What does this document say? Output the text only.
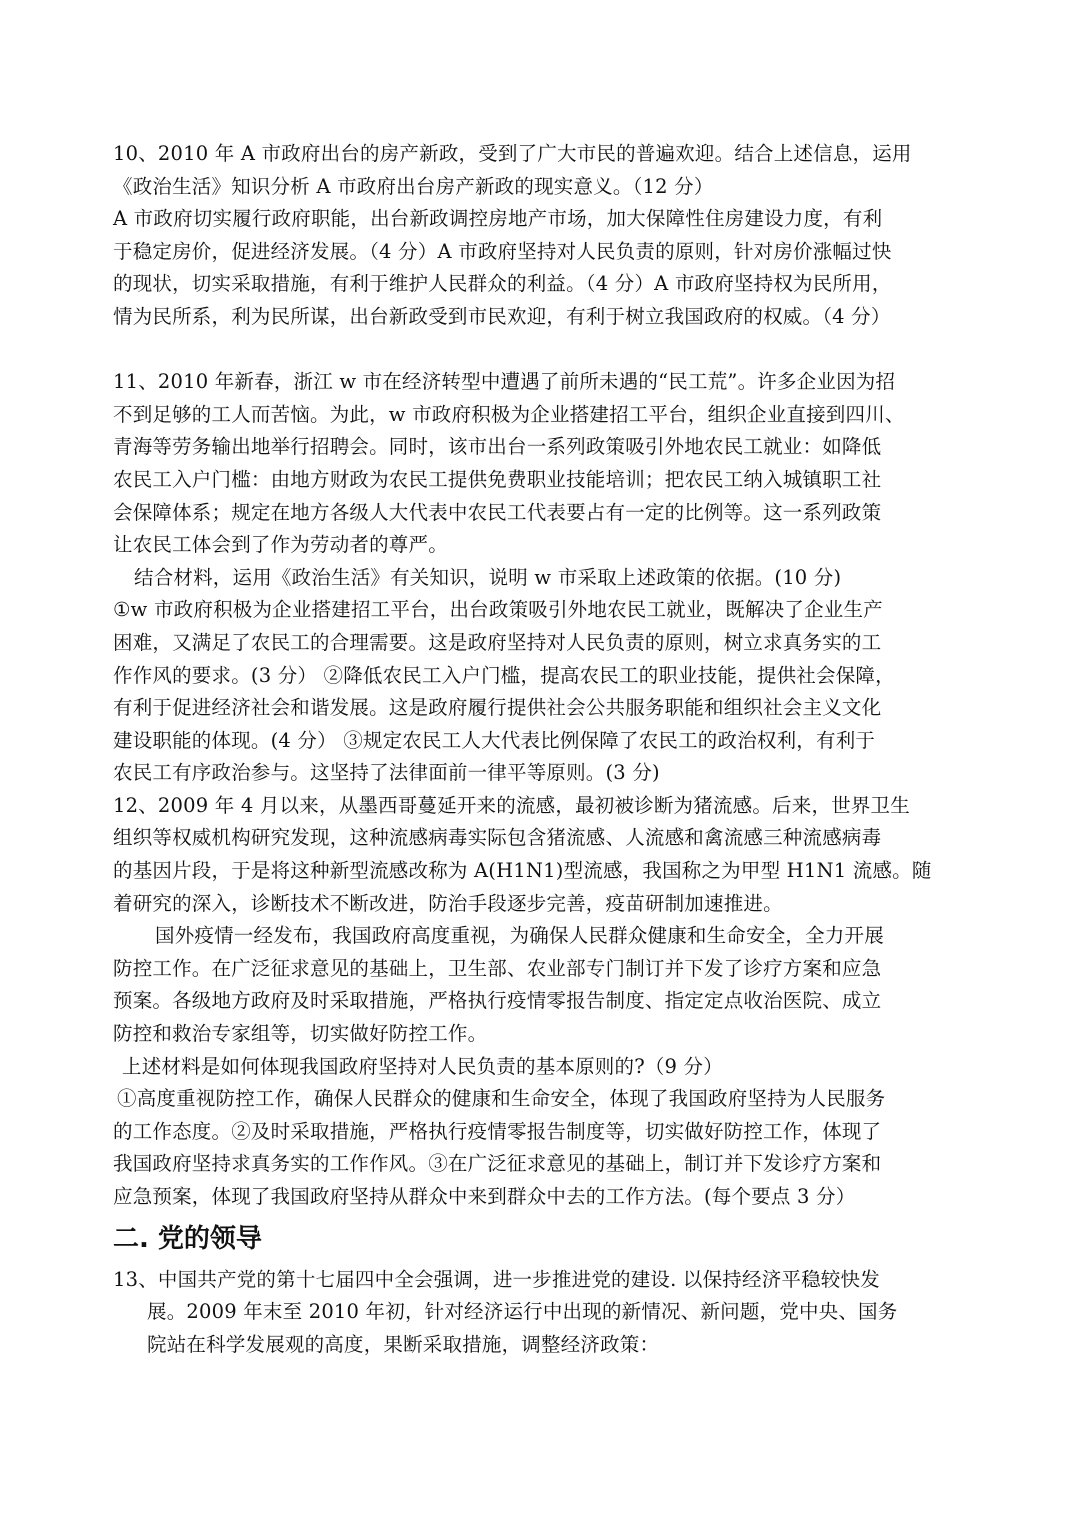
10、2010 年 A 市政府出台的房产新政，受到了广大市民的普遍欢迎。结合上述信息，运用
《政治生活》知识分析 A 市政府出台房产新政的现实意义。（12 分）
A 市政府切实履行政府职能，出台新政调控房地产市场，加大保障性住房建设力度，有利
于稳定房价，促进经济发展。（4 分）A 市政府坚持对人民负责的原则，针对房价涨幅过快
的现状，切实采取措施，有利于维护人民群众的利益。（4 分）A 市政府坚持权为民所用，
情为民所系，利为民所谋，出台新政受到市民欢迎，有利于树立我国政府的权威。（4 分）
11、2010 年新春，浙江 w 市在经济转型中遭遇了前所未遇的“民工荒”。许多企业因为招
不到足够的工人而苦恼。为此，w 市政府积极为企业搭建招工平台，组织企业直接到四川、
青海等劳务输出地举行招聘会。同时，该市出台一系列政策吸引外地农民工就业：如降低
农民工入户门槛：由地方财政为农民工提供免费职业技能培训；把农民工纳入城镇职工社
会保障体系；规定在地方各级人大代表中农民工代表要占有一定的比例等。这一系列政策
让农民工体会到了作为劳动者的尊严。
结合材料，运用《政治生活》有关知识，说明 w 市采取上述政策的依据。(10 分)
①w 市政府积极为企业搭建招工平台，出台政策吸引外地农民工就业，既解决了企业生产
困难，又满足了农民工的合理需要。这是政府坚持对人民负责的原则，树立求真务实的工
作作风的要求。(3 分） ②降低农民工入户门槛，提高农民工的职业技能，提供社会保障，
有利于促进经济社会和谐发展。这是政府履行提供社会公共服务职能和组织社会主义文化
建设职能的体现。(4 分） ③规定农民工人大代表比例保障了农民工的政治权利，有利于
农民工有序政治参与。这坚持了法律面前一律平等原则。(3 分)
12、2009 年 4 月以来，从墨西哥蔓延开来的流感，最初被诊断为猪流感。后来，世界卫生
组织等权威机构研究发现，这种流感病毒实际包含猪流感、人流感和禽流感三种流感病毒
的基因片段，于是将这种新型流感改称为 A(H1N1)型流感，我国称之为甲型 H1N1 流感。随
着研究的深入，诊断技术不断改进，防治手段逐步完善，疫苗研制加速推进。
国外疫情一经发布，我国政府高度重视，为确保人民群众健康和生命安全，全力开展
防控工作。在广泛征求意见的基础上，卫生部、农业部专门制订并下发了诊疗方案和应急
预案。各级地方政府及时采取措施，严格执行疫情零报告制度、指定定点收治医院、成立
防控和救治专家组等，切实做好防控工作。
上述材料是如何体现我国政府坚持对人民负责的基本原则的?（9 分）
①高度重视防控工作，确保人民群众的健康和生命安全，体现了我国政府坚持为人民服务
的工作态度。②及时采取措施，严格执行疫情零报告制度等，切实做好防控工作，体现了
我国政府坚持求真务实的工作作风。③在广泛征求意见的基础上，制订并下发诊疗方案和
应急预案，体现了我国政府坚持从群众中来到群众中去的工作方法。(每个要点 3 分）
二. 党的领导
13、中国共产党的第十七届四中全会强调，进一步推进党的建设. 以保持经济平稳较快发
展。2009 年末至 2010 年初，针对经济运行中出现的新情况、新问题，党中央、国务
院站在科学发展观的高度，果断采取措施，调整经济政策：
